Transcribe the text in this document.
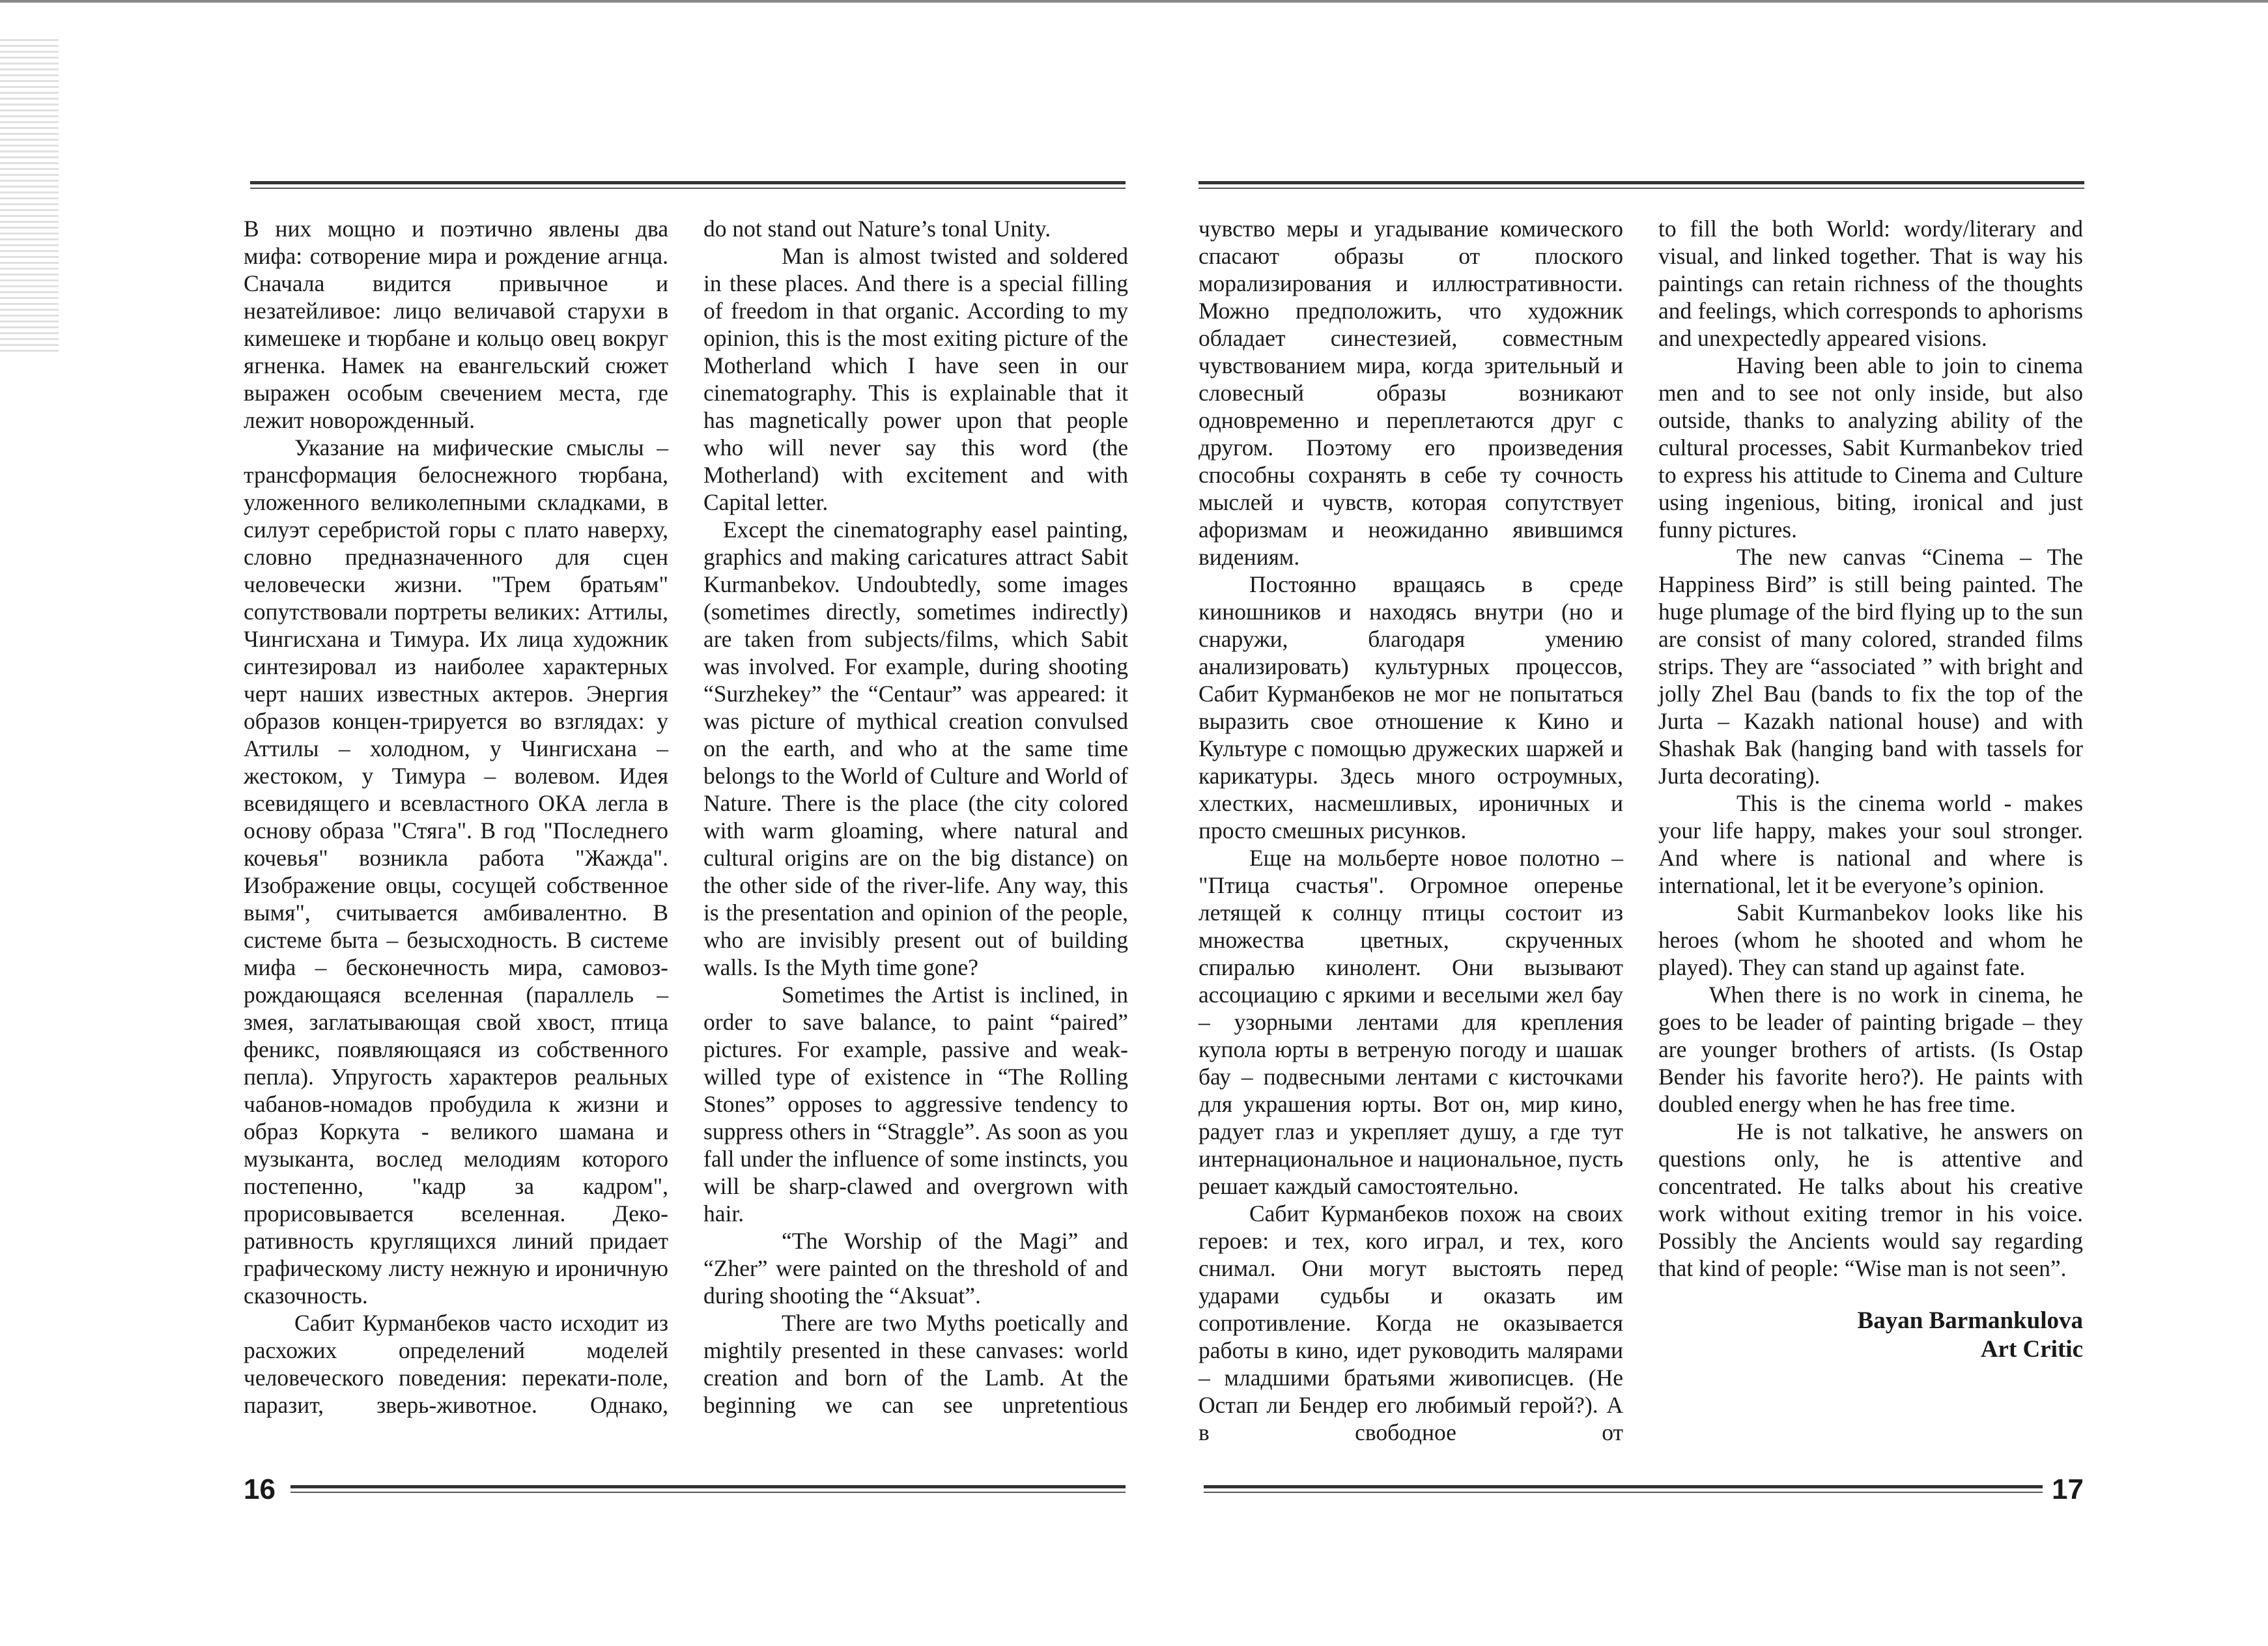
В них мощно и поэтично явлены два мифа: сотворение мира и рождение агнца. Сначала видится привычное и незатейливое: лицо величавой старухи в кимешеке и тюрбане и кольцо овец вокруг ягненка. Намек на евангельский сюжет выражен особым свечением места, где лежит новорожденный.

Указание на мифические смыслы – трансформация белоснежного тюрбана, уложенного великолепными складками, в силуэт серебристой горы с плато наверху, словно предназначенного для сцен человечески жизни. "Трем братьям" сопутствовали портреты великих: Аттилы, Чингисхана и Тимура. Их лица художник синтезировал из наиболее характерных черт наших известных актеров. Энергия образов концен-трируется во взглядах: у Аттилы – холодном, у Чингисхана – жестоком, у Тимура – волевом. Идея всевидящего и всевластного ОКА легла в основу образа "Стяга". В год "Последнего кочевья" возникла работа "Жажда". Изображение овцы, сосущей собственное вымя", считывается амбивалентно. В системе быта – безысходность. В системе мифа – бесконечность мира, самовоз-рождающаяся вселенная (параллель – змея, заглатывающая свой хвост, птица феникс, появляющаяся из собственного пепла). Упругость характеров реальных чабанов-номадов пробудила к жизни и образ Коркута - великого шамана и музыканта, вослед мелодиям которого постепенно, "кадр за кадром", прорисовывается вселенная. Деко-ративность круглящихся линий придает графическому листу нежную и ироничную сказочность.

Сабит Курманбеков часто исходит из расхожих определений моделей человеческого поведения: перекати-поле, паразит, зверь-животное. Однако,

do not stand out Nature’s tonal Unity.

Man is almost twisted and soldered in these places. And there is a special filling of freedom in that organic. According to my opinion, this is the most exiting picture of the Motherland which I have seen in our cinematography. This is explainable that it has magnetically power upon that people who will never say this word (the Motherland) with excitement and with Capital letter.

Except the cinematography easel painting, graphics and making caricatures attract Sabit Kurmanbekov. Undoubtedly, some images (sometimes directly, sometimes indirectly) are taken from subjects/films, which Sabit was involved. For example, during shooting “Surzhekey” the “Centaur” was appeared: it was picture of mythical creation convulsed on the earth, and who at the same time belongs to the World of Culture and World of Nature. There is the place (the city colored with warm gloaming, where natural and cultural origins are on the big distance) on the other side of the river-life. Any way, this is the presentation and opinion of the people, who are invisibly present out of building walls. Is the Myth time gone?

Sometimes the Artist is inclined, in order to save balance, to paint “paired” pictures. For example, passive and weak-willed type of existence in “The Rolling Stones” opposes to aggressive tendency to suppress others in “Straggle”. As soon as you fall under the influence of some instincts, you will be sharp-clawed and overgrown with hair.

“The Worship of the Magi” and “Zher” were painted on the threshold of and during shooting the “Aksuat”.

There are two Myths poetically and mightily presented in these canvases: world creation and born of the Lamb. At the beginning we can see unpretentious

чувство меры и угадывание комического спасают образы от плоского морализирования и иллюстративности. Можно предположить, что художник обладает синестезией, совместным чувствованием мира, когда зрительный и словесный образы возникают одновременно и переплетаются друг с другом. Поэтому его произведения способны сохранять в себе ту сочность мыслей и чувств, которая сопутствует афоризмам и неожиданно явившимся видениям.

Постоянно вращаясь в среде киношников и находясь внутри (но и снаружи, благодаря умению анализировать) культурных процессов, Сабит Курманбеков не мог не попытаться выразить свое отношение к Кино и Культуре с помощью дружеских шаржей и карикатуры. Здесь много остроумных, хлестких, насмешливых, ироничных и просто смешных рисунков.

Еще на мольберте новое полотно – "Птица счастья". Огромное оперенье летящей к солнцу птицы состоит из множества цветных, скрученных спиралью кинолент. Они вызывают ассоциацию с яркими и веселыми жел бау – узорными лентами для крепления купола юрты в ветреную погоду и шашак бау – подвесными лентами с кисточками для украшения юрты. Вот он, мир кино, радует глаз и укрепляет душу, а где тут интернациональное и национальное, пусть решает каждый самостоятельно.

Сабит Курманбеков похож на своих героев: и тех, кого играл, и тех, кого снимал. Они могут выстоять перед ударами судьбы и оказать им сопротивление. Когда не оказывается работы в кино, идет руководить малярами – младшими братьями живописцев. (Не Остап ли Бендер его любимый герой?). А в свободное от

to fill the both World: wordy/literary and visual, and linked together. That is way his paintings can retain richness of the thoughts and feelings, which corresponds to aphorisms and unexpectedly appeared visions.

Having been able to join to cinema men and to see not only inside, but also outside, thanks to analyzing ability of the cultural processes, Sabit Kurmanbekov tried to express his attitude to Cinema and Culture using ingenious, biting, ironical and just funny pictures.

The new canvas “Cinema – The Happiness Bird” is still being painted. The huge plumage of the bird flying up to the sun are consist of many colored, stranded films strips. They are “associated ” with bright and jolly Zhel Bau (bands to fix the top of the Jurta – Kazakh national house) and with Shashak Bak (hanging band with tassels for Jurta decorating).

This is the cinema world - makes your life happy, makes your soul stronger. And where is national and where is international, let it be everyone’s opinion.

Sabit Kurmanbekov looks like his heroes (whom he shooted and whom he played). They can stand up against fate.

When there is no work in cinema, he goes to be leader of painting brigade – they are younger brothers of artists. (Is Ostap Bender his favorite hero?). He paints with doubled energy when he has free time.

He is not talkative, he answers on questions only, he is attentive and concentrated. He talks about his creative work without exiting tremor in his voice. Possibly the Ancients would say regarding that kind of people: “Wise man is not seen”.

Bayan Barmankulova
Art Critic
16	17
